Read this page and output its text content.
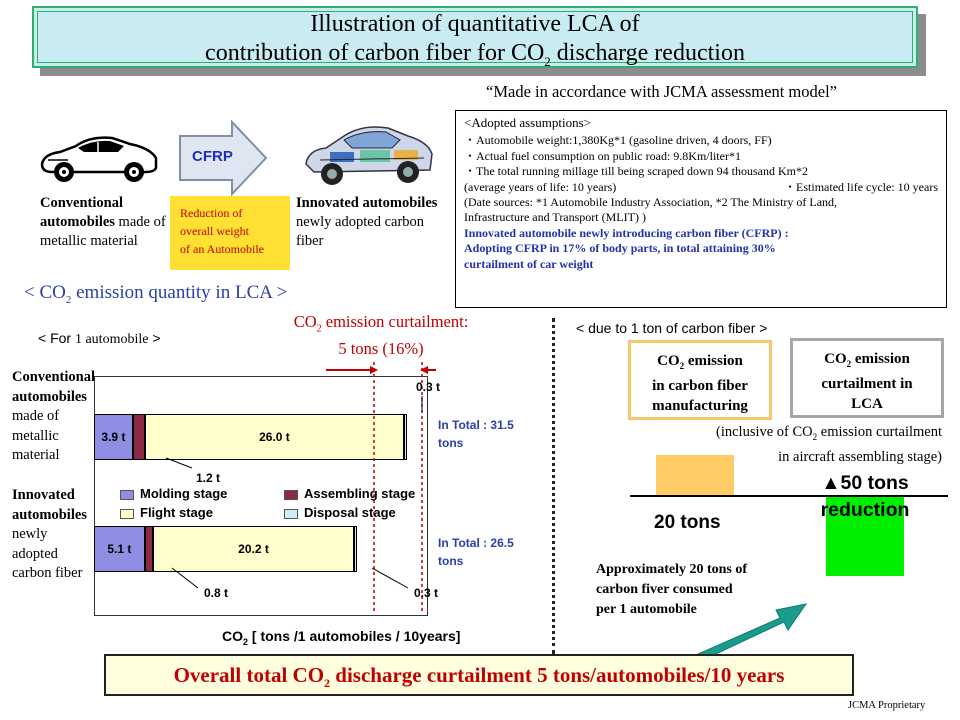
Illustration of quantitative LCA of
contribution of carbon fiber for $CO_2$ discharge reduction
“Made in accordance with JCMA assessment model”
CFRP
Conventional automobiles made of metallic material
Reduction of
overall weight
of an Automobile
Innovated automobiles newly adopted carbon fiber
<Adopted assumptions>
・Automobile weight:1,380Kg*1 (gasoline driven, 4 doors, FF)
・Actual fuel consumption on public road: 9.8Km/liter*1
・The total running millage till being scraped down 94 thousand Km*2
(average years of life: 10 years)	・Estimated life cycle: 10 years
(Date sources: *1 Automobile Industry Association, *2 The Ministry of Land,
Infrastructure and Transport (MLIT) )
Innovated automobile newly introducing carbon fiber (CFRP) :
Adopting CFRP in 17% of body parts, in total attaining 30%
curtailment of car weight
< $CO_2$ emission quantity in LCA >
< For 1 automobile >
$CO_2$ emission curtailment:
5 tons (16%)
Conventional
automobiles
made of
metallic
material
Innovated
automobiles
newly
adopted
carbon fiber
3.9 t	26.0 t
5.1 t	20.2 t
1.2 t
0.3 t
0.8 t	0.3 t
In Total : 31.5
tons
In Total : 26.5
tons
Molding stage	Assembling stage
Flight stage	Disposal stage
$CO_2$ [ tons /1 automobiles / 10years]
< due to 1 ton of carbon fiber >
$CO_2$ emission
in carbon fiber
manufacturing
$CO_2$ emission
curtailment in
LCA
(inclusive of $CO_2$ emission curtailment
in aircraft assembling stage)
20 tons
▲50 tons
reduction
Approximately 20 tons of
carbon fiver consumed
per 1 automobile
Overall total $CO_2$ discharge curtailment 5 tons/automobiles/10 years
JCMA Proprietary
